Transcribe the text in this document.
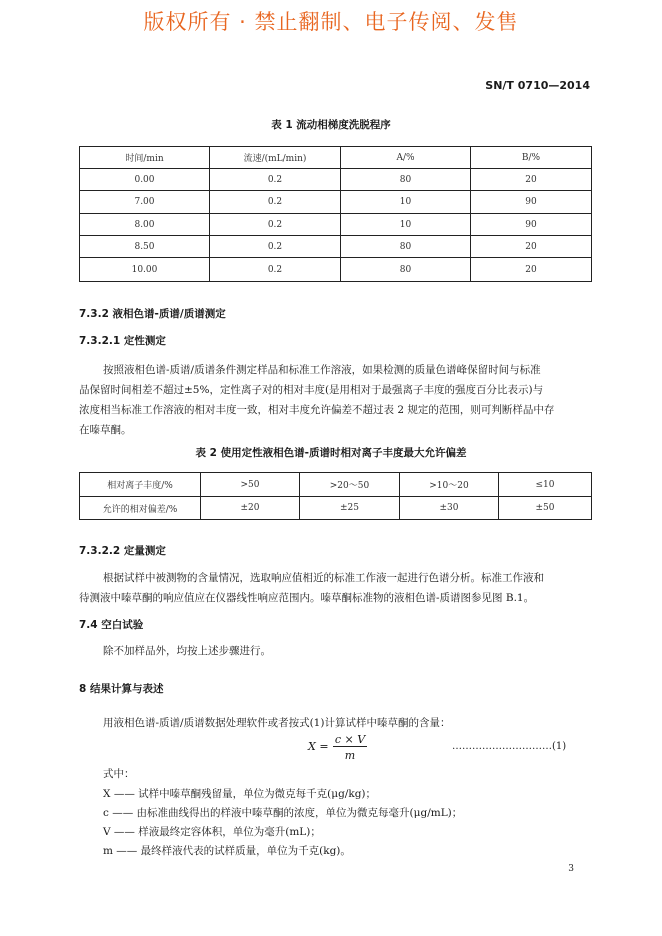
版权所有 · 禁止翻制、电子传阅、发售
SN/T 0710—2014
表 1 流动相梯度洗脱程序
时间/min	流速/(mL/min)	A/%	B/%
0.00	0.2	80	20
7.00	0.2	10	90
8.00	0.2	10	90
8.50	0.2	80	20
10.00	0.2	80	20
7.3.2 液相色谱-质谱/质谱测定
7.3.2.1 定性测定
按照液相色谱-质谱/质谱条件测定样品和标准工作溶液，如果检测的质量色谱峰保留时间与标准
品保留时间相差不超过±5%，定性离子对的相对丰度(是用相对于最强离子丰度的强度百分比表示)与
浓度相当标准工作溶液的相对丰度一致，相对丰度允许偏差不超过表 2 规定的范围，则可判断样品中存
在嗪草酮。
表 2 使用定性液相色谱-质谱时相对离子丰度最大允许偏差
相对离子丰度/%	>50	>20～50	>10～20	≤10
允许的相对偏差/%	±20	±25	±30	±50
7.3.2.2 定量测定
根据试样中被测物的含量情况，选取响应值相近的标准工作液一起进行色谱分析。标准工作液和
待测液中嗪草酮的响应值应在仪器线性响应范围内。嗪草酮标准物的液相色谱-质谱图参见图 B.1。
7.4 空白试验
除不加样品外，均按上述步骤进行。
8 结果计算与表述
用液相色谱-质谱/质谱数据处理软件或者按式(1)计算试样中嗪草酮的含量：
X =
c × V
m
…………………………(1)
式中：
X —— 试样中嗪草酮残留量，单位为微克每千克(μg/kg)；
c —— 由标准曲线得出的样液中嗪草酮的浓度，单位为微克每毫升(μg/mL)；
V —— 样液最终定容体积，单位为毫升(mL)；
m —— 最终样液代表的试样质量，单位为千克(kg)。
3
